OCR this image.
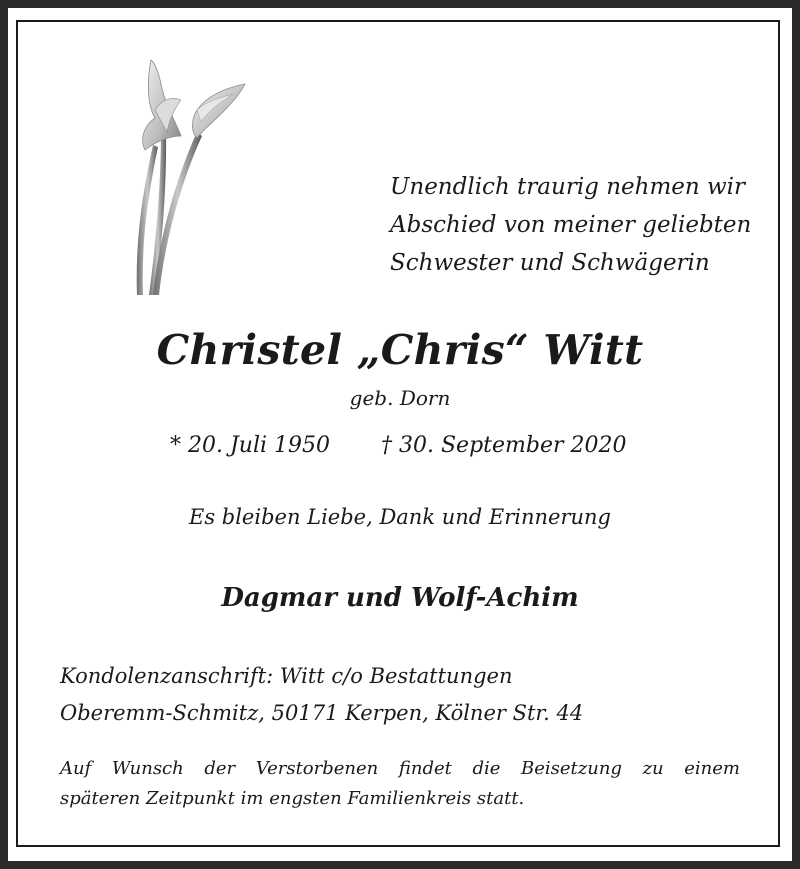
Unendlich traurig nehmen wir
Abschied von meiner geliebten
Schwester und Schwägerin
Christel „Chris“ Witt
geb. Dorn
* 20. Juli 1950 † 30. September 2020
Es bleiben Liebe, Dank und Erinnerung
Dagmar und Wolf-Achim
Kondolenzanschrift: Witt c/o Bestattungen
Oberemm-Schmitz, 50171 Kerpen, Kölner Str. 44
Auf Wunsch der Verstorbenen findet die Beisetzung zu einem
späteren Zeitpunkt im engsten Familienkreis statt.
